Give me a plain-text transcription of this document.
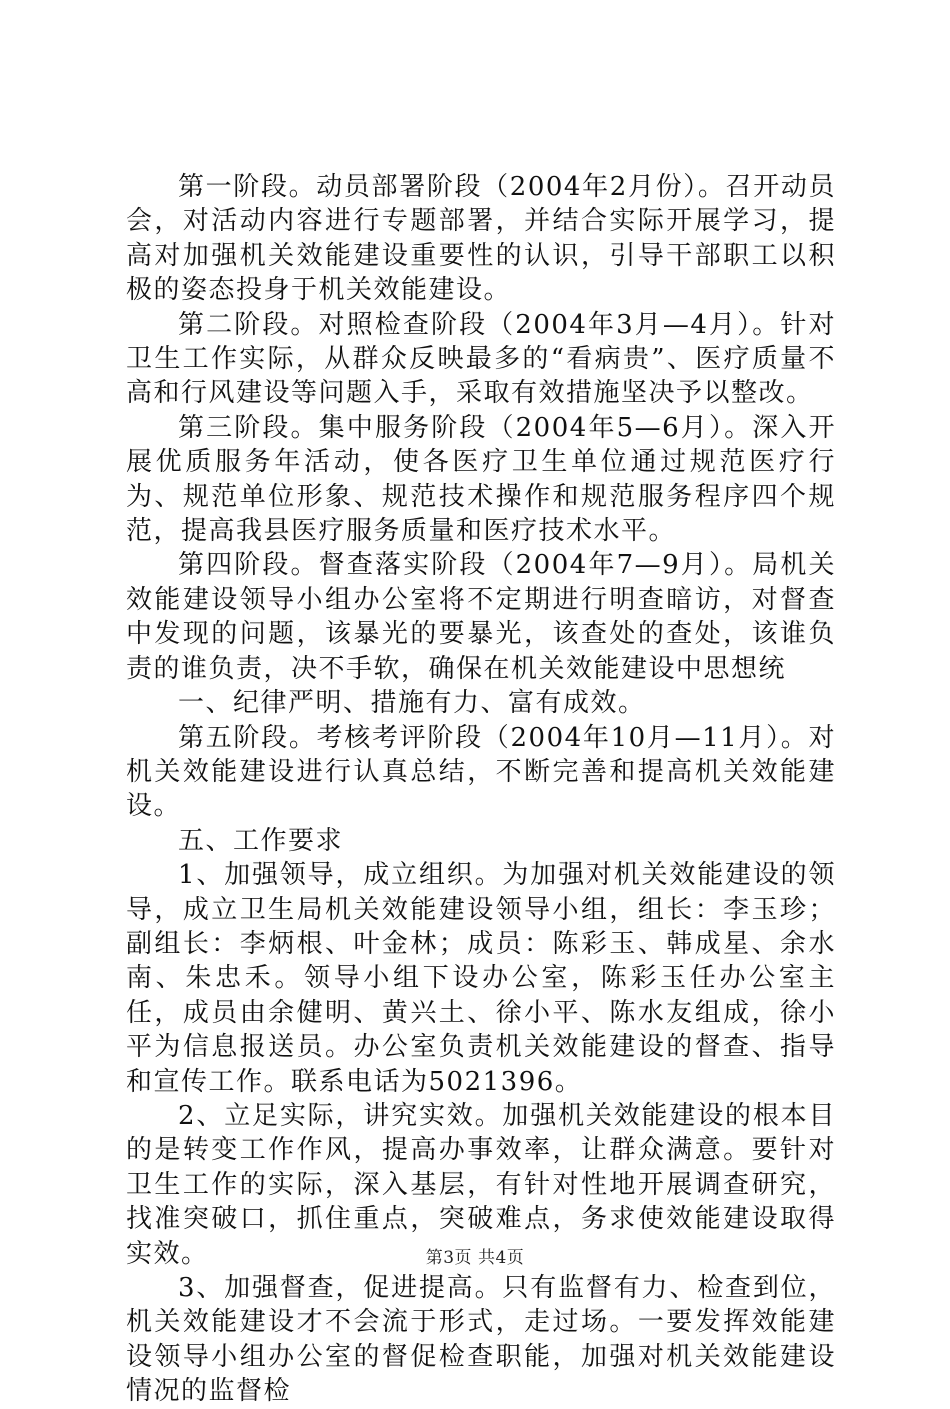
第一阶段。动员部署阶段（2004年2月份）。召开动员会，对活动内容进行专题部署，并结合实际开展学习，提高对加强机关效能建设重要性的认识，引导干部职工以积极的姿态投身于机关效能建设。

第二阶段。对照检查阶段（2004年3月—4月）。针对卫生工作实际，从群众反映最多的“看病贵”、医疗质量不高和行风建设等问题入手，采取有效措施坚决予以整改。

第三阶段。集中服务阶段（2004年5—6月）。深入开展优质服务年活动，使各医疗卫生单位通过规范医疗行为、规范单位形象、规范技术操作和规范服务程序四个规范，提高我县医疗服务质量和医疗技术水平。

第四阶段。督查落实阶段（2004年7—9月）。局机关效能建设领导小组办公室将不定期进行明查暗访，对督查中发现的问题，该暴光的要暴光，该查处的查处，该谁负责的谁负责，决不手软，确保在机关效能建设中思想统

一、纪律严明、措施有力、富有成效。

第五阶段。考核考评阶段（2004年10月—11月）。对机关效能建设进行认真总结，不断完善和提高机关效能建设。

五、工作要求

1、加强领导，成立组织。为加强对机关效能建设的领导，成立卫生局机关效能建设领导小组，组长：李玉珍；副组长：李炳根、叶金林；成员：陈彩玉、韩成星、余水南、朱忠禾。领导小组下设办公室，陈彩玉任办公室主任，成员由余健明、黄兴土、徐小平、陈水友组成，徐小平为信息报送员。办公室负责机关效能建设的督查、指导和宣传工作。联系电话为5021396。

2、立足实际，讲究实效。加强机关效能建设的根本目的是转变工作作风，提高办事效率，让群众满意。要针对卫生工作的实际，深入基层，有针对性地开展调查研究，找准突破口，抓住重点，突破难点，务求使效能建设取得实效。

3、加强督查，促进提高。只有监督有力、检查到位，机关效能建设才不会流于形式，走过场。一要发挥效能建设领导小组办公室的督促检查职能，加强对机关效能建设情况的监督检

第3页 共4页
